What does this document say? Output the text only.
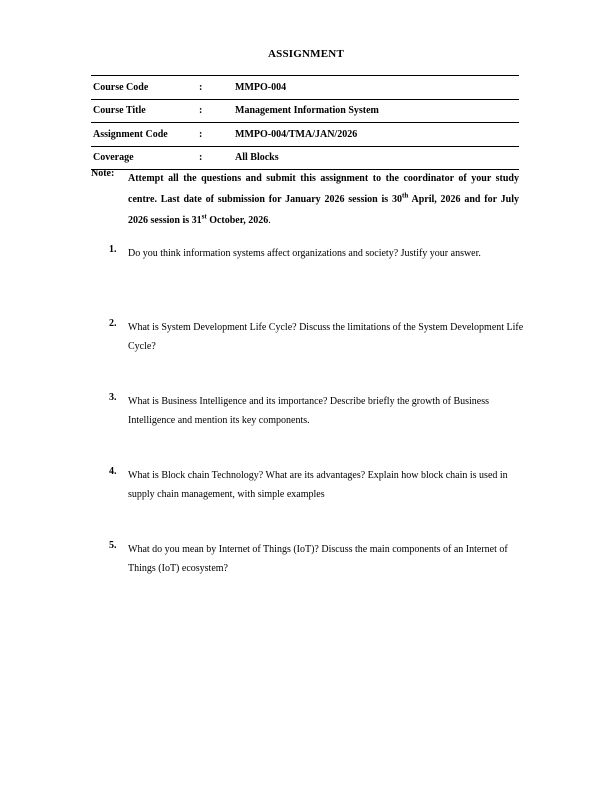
ASSIGNMENT
Course Code	:	MMPO-004
Course Title	:	Management Information System
Assignment Code	:	MMPO-004/TMA/JAN/2026
Coverage	:	All Blocks
Note: Attempt all the questions and submit this assignment to the coordinator of your study centre. Last date of submission for January 2026 session is 30th April, 2026 and for July 2026 session is 31st October, 2026.
1. Do you think information systems affect organizations and society? Justify your answer.
2. What is System Development Life Cycle? Discuss the limitations of the System Development Life Cycle?
3. What is Business Intelligence and its importance? Describe briefly the growth of Business Intelligence and mention its key components.
4. What is Block chain Technology? What are its advantages? Explain how block chain is used in supply chain management, with simple examples
5. What do you mean by Internet of Things (IoT)? Discuss the main components of an Internet of Things (IoT) ecosystem?
